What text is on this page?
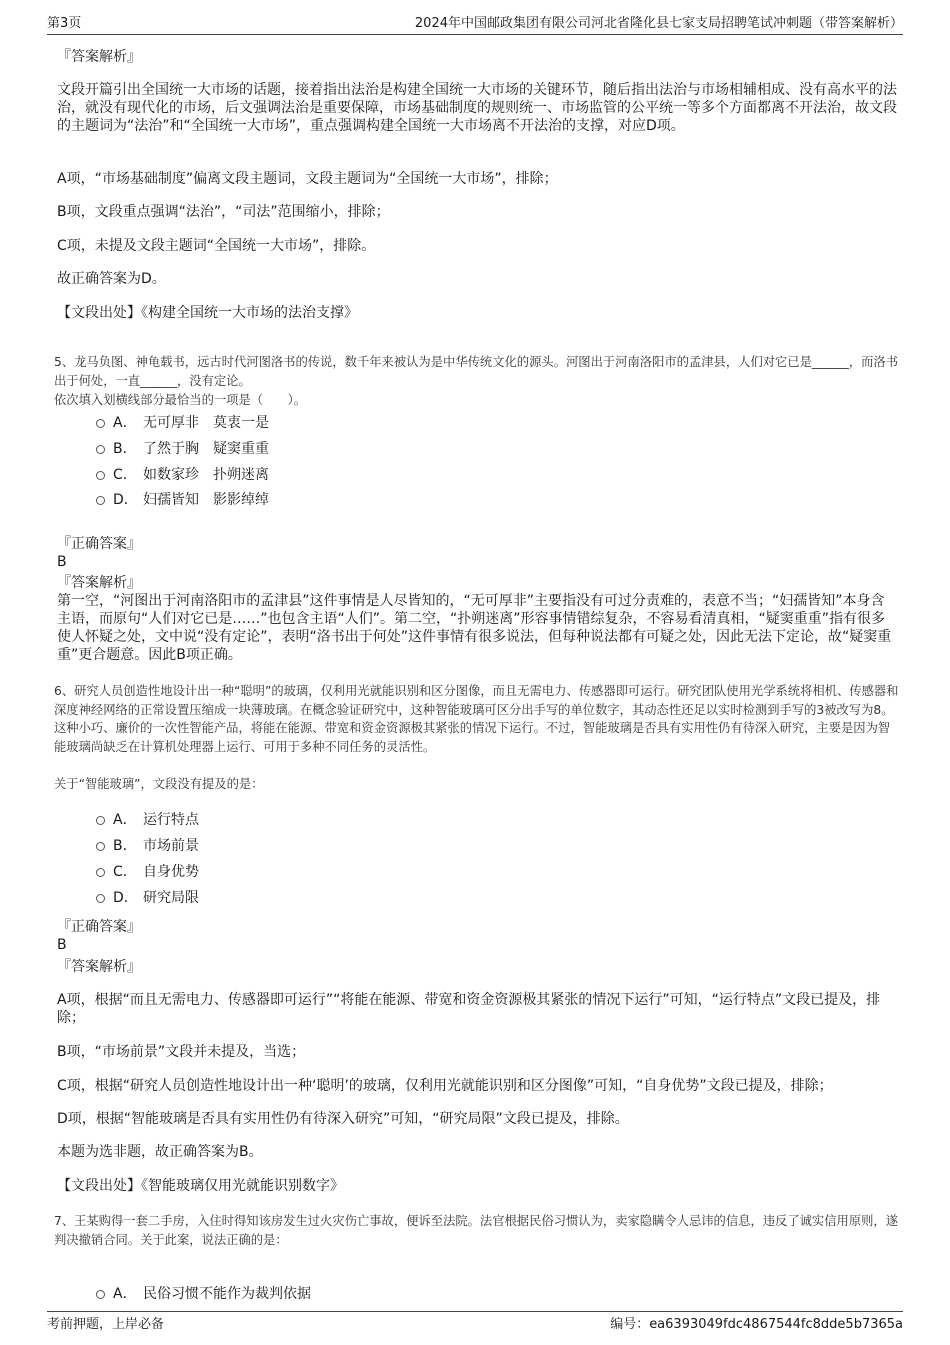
第3页	2024年中国邮政集团有限公司河北省隆化县七家支局招聘笔试冲刺题（带答案解析）

『答案解析』

文段开篇引出全国统一大市场的话题，接着指出法治是构建全国统一大市场的关键环节，随后指出法治与市场相辅相成、没有高水平的法治，就没有现代化的市场，后文强调法治是重要保障，市场基础制度的规则统一、市场监管的公平统一等多个方面都离不开法治，故文段的主题词为“法治”和“全国统一大市场”，重点强调构建全国统一大市场离不开法治的支撑，对应D项。

A项，“市场基础制度”偏离文段主题词，文段主题词为“全国统一大市场”，排除；

B项，文段重点强调“法治”，“司法”范围缩小，排除；

C项，未提及文段主题词“全国统一大市场”，排除。

故正确答案为D。

【文段出处】《构建全国统一大市场的法治支撑》

5、龙马负图、神龟载书，远古时代河图洛书的传说，数千年来被认为是中华传统文化的源头。河图出于河南洛阳市的孟津县，人们对它已是______，而洛书出于何处，一直______，没有定论。

依次填入划横线部分最恰当的一项是（　　）。

A． 无可厚非 莫衷一是
B． 了然于胸 疑窦重重
C． 如数家珍 扑朔迷离
D． 妇孺皆知 影影绰绰

『正确答案』

B

『答案解析』

第一空，“河图出于河南洛阳市的孟津县”这件事情是人尽皆知的，“无可厚非”主要指没有可过分责难的，表意不当；“妇孺皆知”本身含主语，而原句“人们对它已是……”也包含主语“人们”。第二空，“扑朔迷离”形容事情错综复杂，不容易看清真相，“疑窦重重”指有很多使人怀疑之处，文中说“没有定论”，表明“洛书出于何处”这件事情有很多说法，但每种说法都有可疑之处，因此无法下定论，故“疑窦重重”更合题意。因此B项正确。

6、研究人员创造性地设计出一种“聪明”的玻璃，仅利用光就能识别和区分图像，而且无需电力、传感器即可运行。研究团队使用光学系统将相机、传感器和深度神经网络的正常设置压缩成一块薄玻璃。在概念验证研究中，这种智能玻璃可区分出手写的单位数字，其动态性还足以实时检测到手写的3被改写为8。这种小巧、廉价的一次性智能产品，将能在能源、带宽和资金资源极其紧张的情况下运行。不过，智能玻璃是否具有实用性仍有待深入研究，主要是因为智能玻璃尚缺乏在计算机处理器上运行、可用于多种不同任务的灵活性。

关于“智能玻璃”，文段没有提及的是：

A． 运行特点
B． 市场前景
C． 自身优势
D． 研究局限

『正确答案』

B

『答案解析』

A项，根据“而且无需电力、传感器即可运行”“将能在能源、带宽和资金资源极其紧张的情况下运行”可知，“运行特点”文段已提及，排除；

B项，“市场前景”文段并未提及，当选；

C项，根据“研究人员创造性地设计出一种‘聪明’的玻璃，仅利用光就能识别和区分图像”可知，“自身优势”文段已提及，排除；

D项，根据“智能玻璃是否具有实用性仍有待深入研究”可知，“研究局限”文段已提及，排除。

本题为选非题，故正确答案为B。

【文段出处】《智能玻璃仅用光就能识别数字》

7、王某购得一套二手房，入住时得知该房发生过火灾伤亡事故，便诉至法院。法官根据民俗习惯认为，卖家隐瞒令人忌讳的信息，违反了诚实信用原则，遂判决撤销合同。关于此案，说法正确的是：

A． 民俗习惯不能作为裁判依据
考前押题，上岸必备	编号：ea6393049fdc4867544fc8dde5b7365a
